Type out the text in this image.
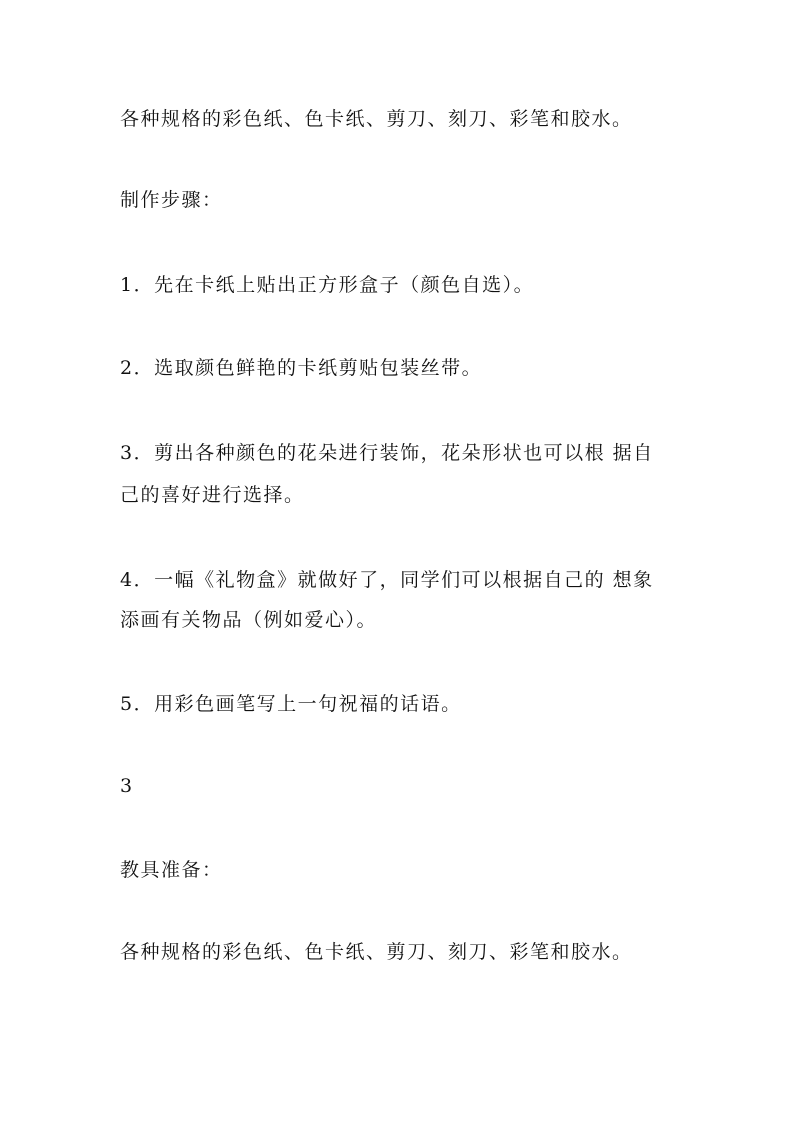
各种规格的彩色纸、色卡纸、剪刀、刻刀、彩笔和胶水。
制作步骤：
1．先在卡纸上贴出正方形盒子（颜色自选）。
2．选取颜色鲜艳的卡纸剪贴包装丝带。
3．剪出各种颜色的花朵进行装饰，花朵形状也可以根 据自
己的喜好进行选择。
4．一幅《礼物盒》就做好了，同学们可以根据自己的 想象
添画有关物品（例如爱心）。
5．用彩色画笔写上一句祝福的话语。
3
教具准备：
各种规格的彩色纸、色卡纸、剪刀、刻刀、彩笔和胶水。
